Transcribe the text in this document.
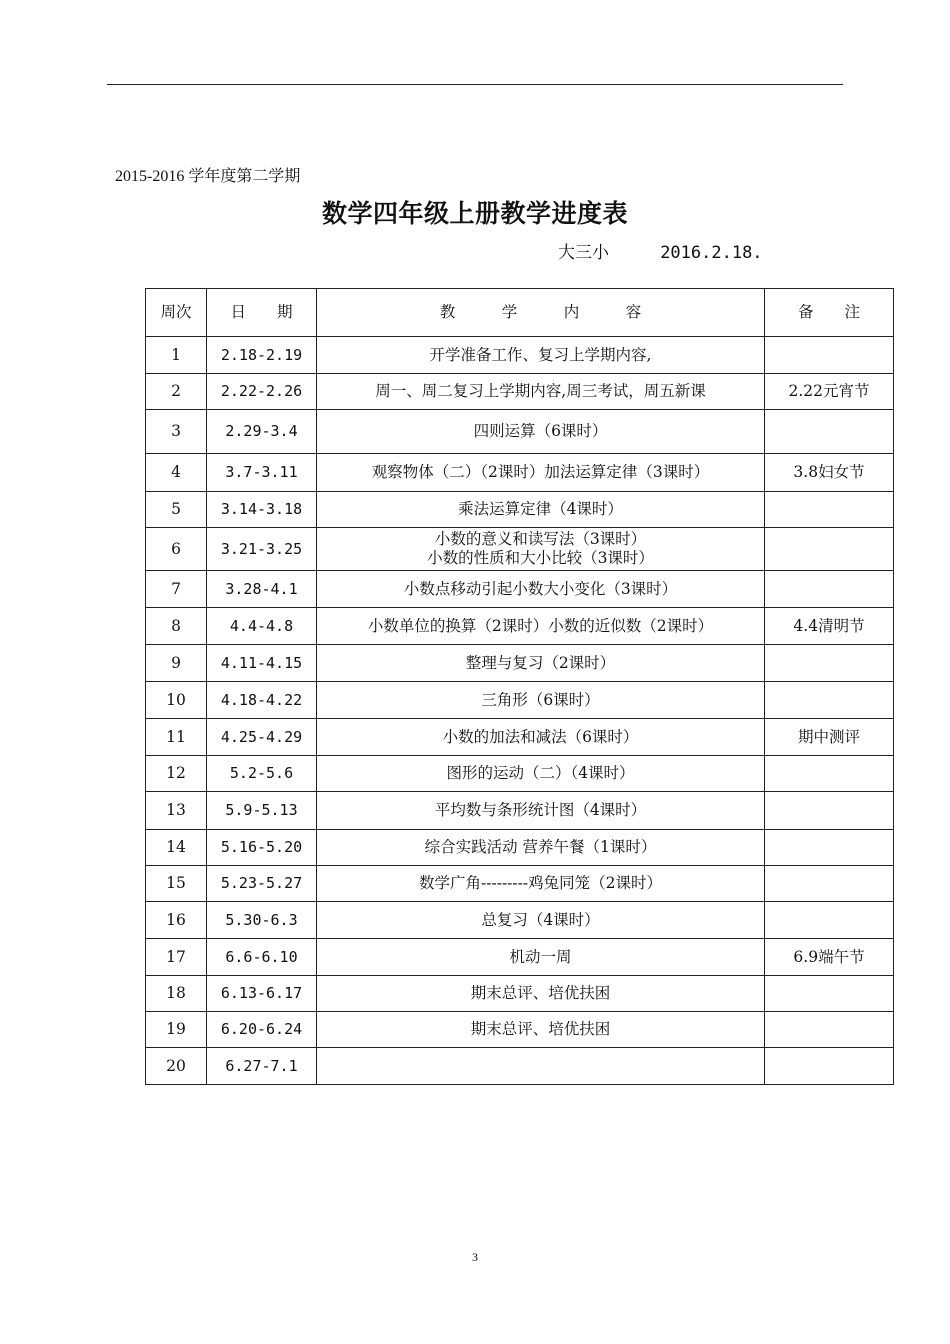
2015-2016 学年度第二学期
数学四年级上册教学进度表
大三小	2016.2.18.
周次	日　　期	教　　　学　　　内　　　容	备　　注
1	2.18-2.19	开学准备工作、复习上学期内容,	

2	2.22-2.26	周一、周二复习上学期内容,周三考试，周五新课	2.22元宵节
3	2.29-3.4	四则运算（6课时）	

4	3.7-3.11	观察物体（二）（2课时）加法运算定律（3课时）	3.8妇女节
5	3.14-3.18	乘法运算定律（4课时）	

6	3.21-3.25	小数的意义和读写法（3课时）
小数的性质和大小比较（3课时）	

7	3.28-4.1	小数点移动引起小数大小变化（3课时）	

8	4.4-4.8	小数单位的换算（2课时）小数的近似数（2课时）	4.4清明节
9	4.11-4.15	整理与复习（2课时）	

10	4.18-4.22	三角形（6课时）	

11	4.25-4.29	小数的加法和减法（6课时）	期中测评
12	5.2-5.6	图形的运动（二）（4课时）	

13	5.9-5.13	平均数与条形统计图（4课时）	

14	5.16-5.20	综合实践活动 营养午餐（1课时）	

15	5.23-5.27	数学广角---------鸡兔同笼（2课时）	

16	5.30-6.3	总复习（4课时）	

17	6.6-6.10	机动一周	6.9端午节
18	6.13-6.17	期末总评、培优扶困	

19	6.20-6.24	期末总评、培优扶困	

20	6.27-7.1		
3
